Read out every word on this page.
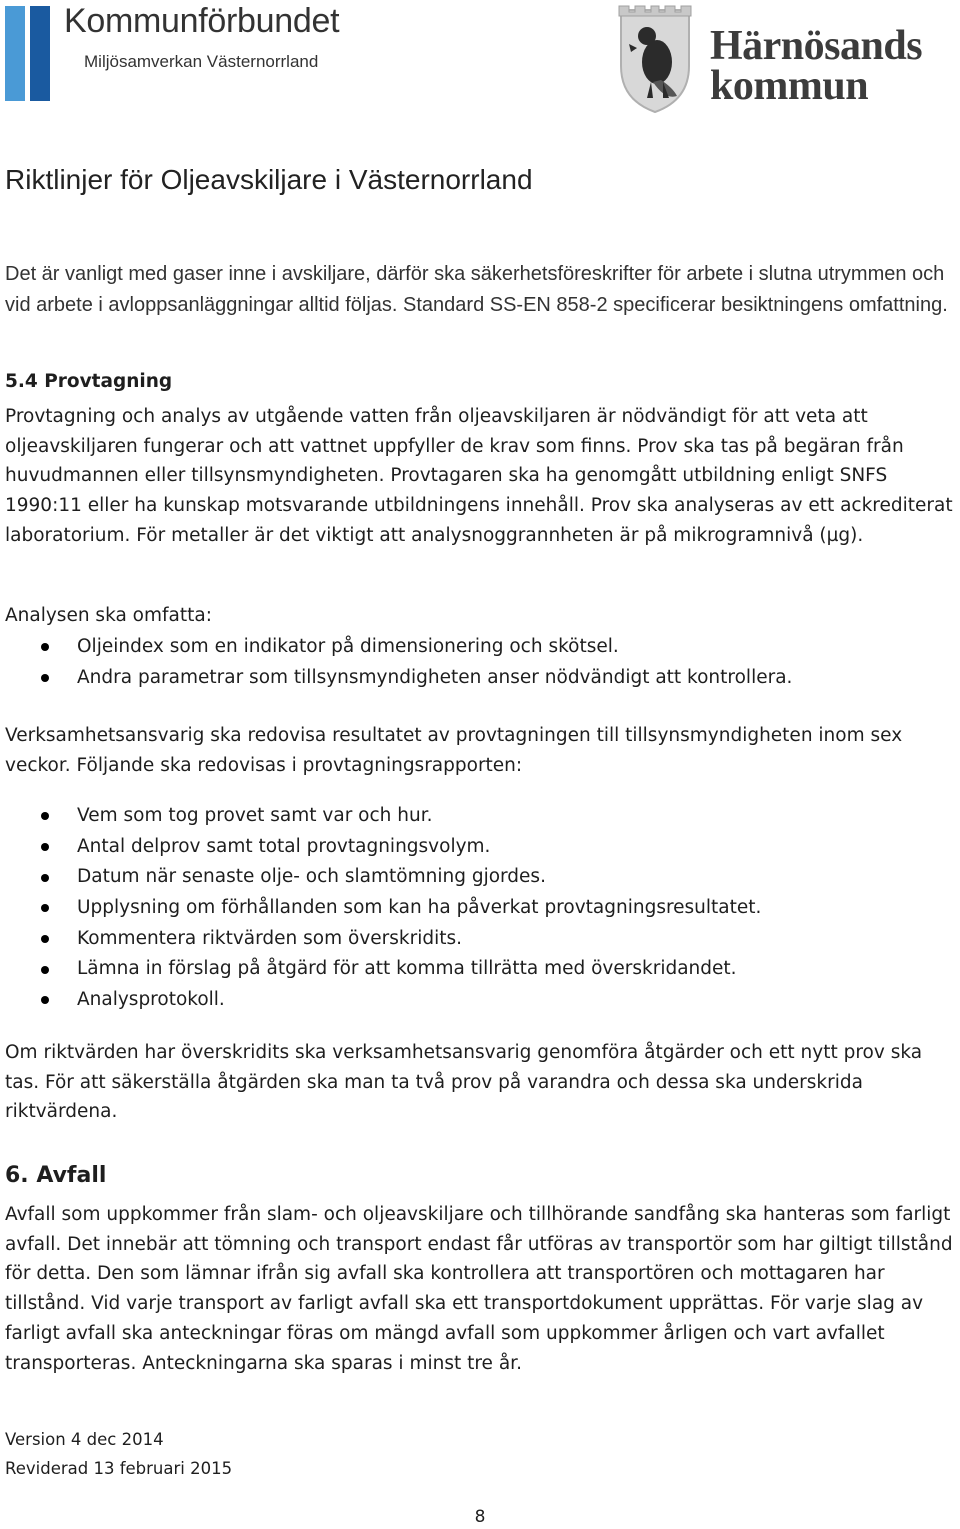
Kommunförbundet
Miljösamverkan Västernorrland	Härnösands
kommun
Riktlinjer för Oljeavskiljare i Västernorrland
Det är vanligt med gaser inne i avskiljare, därför ska säkerhetsföreskrifter för arbete i slutna utrymmen och vid arbete i avloppsanläggningar alltid följas. Standard SS-EN 858-2 specificerar besiktningens omfattning.
5.4 Provtagning
Provtagning och analys av utgående vatten från oljeavskiljaren är nödvändigt för att veta att oljeavskiljaren fungerar och att vattnet uppfyller de krav som finns. Prov ska tas på begäran från huvudmannen eller tillsynsmyndigheten. Provtagaren ska ha genomgått utbildning enligt SNFS 1990:11 eller ha kunskap motsvarande utbildningens innehåll. Prov ska analyseras av ett ackrediterat laboratorium. För metaller är det viktigt att analysnoggrannheten är på mikrogramnivå (µg).
Analysen ska omfatta:
Oljeindex som en indikator på dimensionering och skötsel.
Andra parametrar som tillsynsmyndigheten anser nödvändigt att kontrollera.
Verksamhetsansvarig ska redovisa resultatet av provtagningen till tillsynsmyndigheten inom sex veckor. Följande ska redovisas i provtagningsrapporten:
Vem som tog provet samt var och hur.
Antal delprov samt total provtagningsvolym.
Datum när senaste olje- och slamtömning gjordes.
Upplysning om förhållanden som kan ha påverkat provtagningsresultatet.
Kommentera riktvärden som överskridits.
Lämna in förslag på åtgärd för att komma tillrätta med överskridandet.
Analysprotokoll.
Om riktvärden har överskridits ska verksamhetsansvarig genomföra åtgärder och ett nytt prov ska tas. För att säkerställa åtgärden ska man ta två prov på varandra och dessa ska underskrida riktvärdena.
6. Avfall
Avfall som uppkommer från slam- och oljeavskiljare och tillhörande sandfång ska hanteras som farligt avfall. Det innebär att tömning och transport endast får utföras av transportör som har giltigt tillstånd för detta. Den som lämnar ifrån sig avfall ska kontrollera att transportören och mottagaren har tillstånd. Vid varje transport av farligt avfall ska ett transportdokument upprättas. För varje slag av farligt avfall ska anteckningar föras om mängd avfall som uppkommer årligen och vart avfallet transporteras. Anteckningarna ska sparas i minst tre år.
Version 4 dec 2014
Reviderad 13 februari 2015
8
